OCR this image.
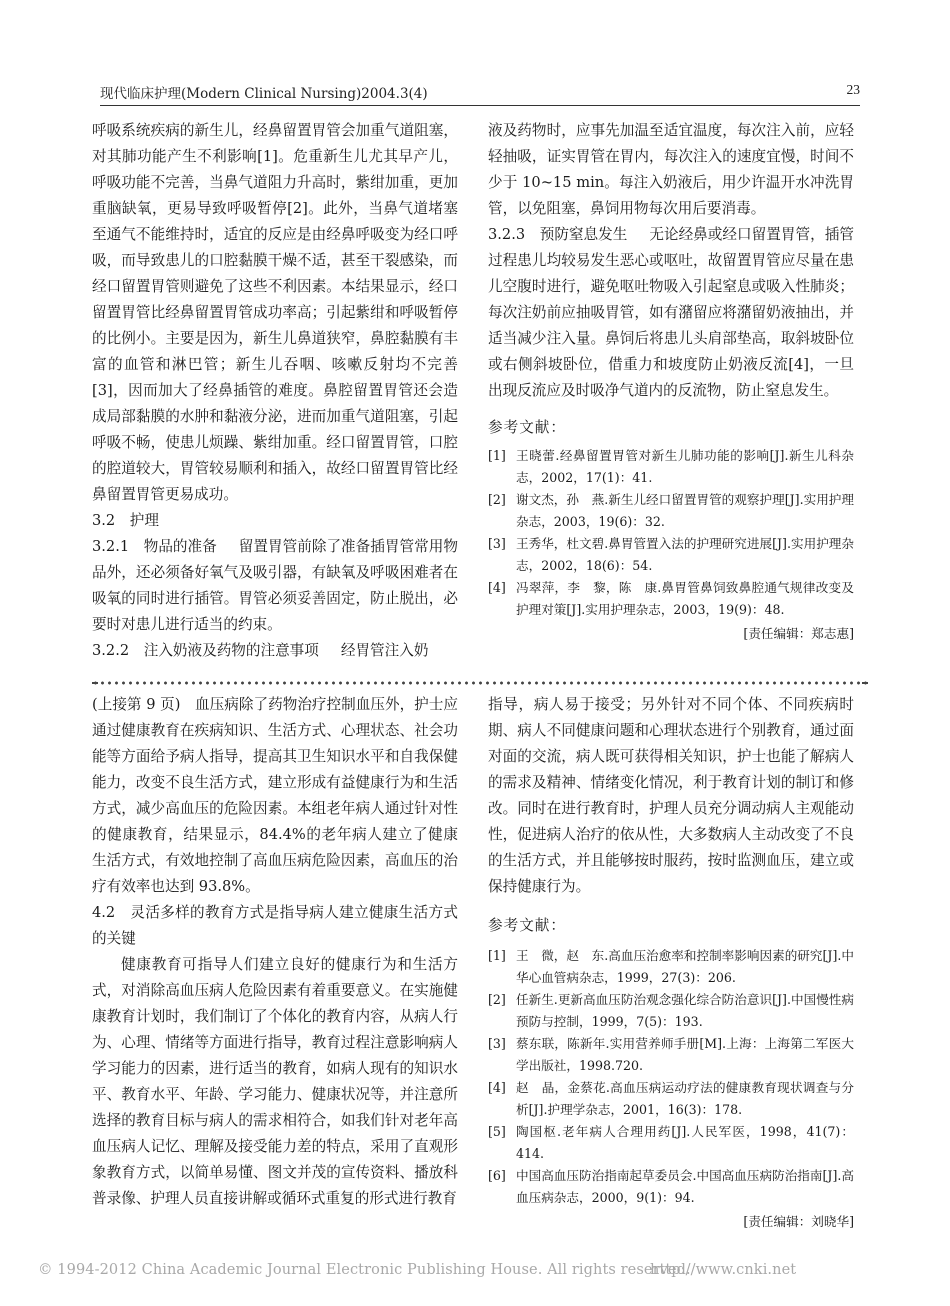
现代临床护理(Modern Clinical Nursing)2004.3(4)	23

呼吸系统疾病的新生儿，经鼻留置胃管会加重气道阻塞，对其肺功能产生不利影响[1]。危重新生儿尤其早产儿，呼吸功能不完善，当鼻气道阻力升高时，紫绀加重，更加重脑缺氧，更易导致呼吸暂停[2]。此外，当鼻气道堵塞至通气不能维持时，适宜的反应是由经鼻呼吸变为经口呼吸，而导致患儿的口腔黏膜干燥不适，甚至干裂感染，而经口留置胃管则避免了这些不利因素。本结果显示，经口留置胃管比经鼻留置胃管成功率高；引起紫绀和呼吸暂停的比例小。主要是因为，新生儿鼻道狭窄，鼻腔黏膜有丰富的血管和淋巴管；新生儿吞咽、咳嗽反射均不完善[3]，因而加大了经鼻插管的难度。鼻腔留置胃管还会造成局部黏膜的水肿和黏液分泌，进而加重气道阻塞，引起呼吸不畅，使患儿烦躁、紫绀加重。经口留置胃管，口腔的腔道较大，胃管较易顺利和插入，故经口留置胃管比经鼻留置胃管更易成功。

3.2　护理

3.2.1　物品的准备 留置胃管前除了准备插胃管常用物品外，还必须备好氧气及吸引器，有缺氧及呼吸困难者在吸氧的同时进行插管。胃管必须妥善固定，防止脱出，必要时对患儿进行适当的约束。

3.2.2　注入奶液及药物的注意事项 经胃管注入奶

液及药物时，应事先加温至适宜温度，每次注入前，应轻轻抽吸，证实胃管在胃内，每次注入的速度宜慢，时间不少于 10~15 min。每注入奶液后，用少许温开水冲洗胃管，以免阻塞，鼻饲用物每次用后要消毒。

3.2.3　预防窒息发生 无论经鼻或经口留置胃管，插管过程患儿均较易发生恶心或呕吐，故留置胃管应尽量在患儿空腹时进行，避免呕吐物吸入引起窒息或吸入性肺炎；每次注奶前应抽吸胃管，如有潴留应将潴留奶液抽出，并适当减少注入量。鼻饲后将患儿头肩部垫高，取斜坡卧位或右侧斜坡卧位，借重力和坡度防止奶液反流[4]，一旦出现反流应及时吸净气道内的反流物，防止窒息发生。

参考文献：

[1] 王晓蕾.经鼻留置胃管对新生儿肺功能的影响[J].新生儿科杂志，2002，17(1)：41.
[2] 谢文杰，孙　燕.新生儿经口留置胃管的观察护理[J].实用护理杂志，2003，19(6)：32.
[3] 王秀华，杜文碧.鼻胃管置入法的护理研究进展[J].实用护理杂志，2002，18(6)：54.
[4] 冯翠萍，李　黎，陈　康.鼻胃管鼻饲致鼻腔通气规律改变及护理对策[J].实用护理杂志，2003，19(9)：48.

[责任编辑：郑志惠]

(上接第 9 页)　血压病除了药物治疗控制血压外，护士应通过健康教育在疾病知识、生活方式、心理状态、社会功能等方面给予病人指导，提高其卫生知识水平和自我保健能力，改变不良生活方式，建立形成有益健康行为和生活方式，减少高血压的危险因素。本组老年病人通过针对性的健康教育，结果显示，84.4%的老年病人建立了健康生活方式，有效地控制了高血压病危险因素，高血压的治疗有效率也达到 93.8%。

4.2　灵活多样的教育方式是指导病人建立健康生活方式的关键

健康教育可指导人们建立良好的健康行为和生活方式，对消除高血压病人危险因素有着重要意义。在实施健康教育计划时，我们制订了个体化的教育内容，从病人行为、心理、情绪等方面进行指导，教育过程注意影响病人学习能力的因素，进行适当的教育，如病人现有的知识水平、教育水平、年龄、学习能力、健康状况等，并注意所选择的教育目标与病人的需求相符合，如我们针对老年高血压病人记忆、理解及接受能力差的特点，采用了直观形象教育方式，以简单易懂、图文并茂的宣传资料、播放科普录像、护理人员直接讲解或循环式重复的形式进行教育

指导，病人易于接受；另外针对不同个体、不同疾病时期、病人不同健康问题和心理状态进行个别教育，通过面对面的交流，病人既可获得相关知识，护士也能了解病人的需求及精神、情绪变化情况，利于教育计划的制订和修改。同时在进行教育时，护理人员充分调动病人主观能动性，促进病人治疗的依从性，大多数病人主动改变了不良的生活方式，并且能够按时服药，按时监测血压，建立或保持健康行为。

参考文献：

[1] 王　微，赵　东.高血压治愈率和控制率影响因素的研究[J].中华心血管病杂志，1999，27(3)：206.
[2] 任新生.更新高血压防治观念强化综合防治意识[J].中国慢性病预防与控制，1999，7(5)：193.
[3] 蔡东联，陈新年.实用营养师手册[M].上海：上海第二军医大学出版社，1998.720.
[4] 赵　晶，金蔡花.高血压病运动疗法的健康教育现状调查与分析[J].护理学杂志，2001，16(3)：178.
[5] 陶国枢.老年病人合理用药[J].人民军医，1998，41(7)：414.
[6] 中国高血压防治指南起草委员会.中国高血压病防治指南[J].高血压病杂志，2000，9(1)：94.

[责任编辑：刘晓华]

© 1994-2012 China Academic Journal Electronic Publishing House. All rights reserved.
http://www.cnki.net
